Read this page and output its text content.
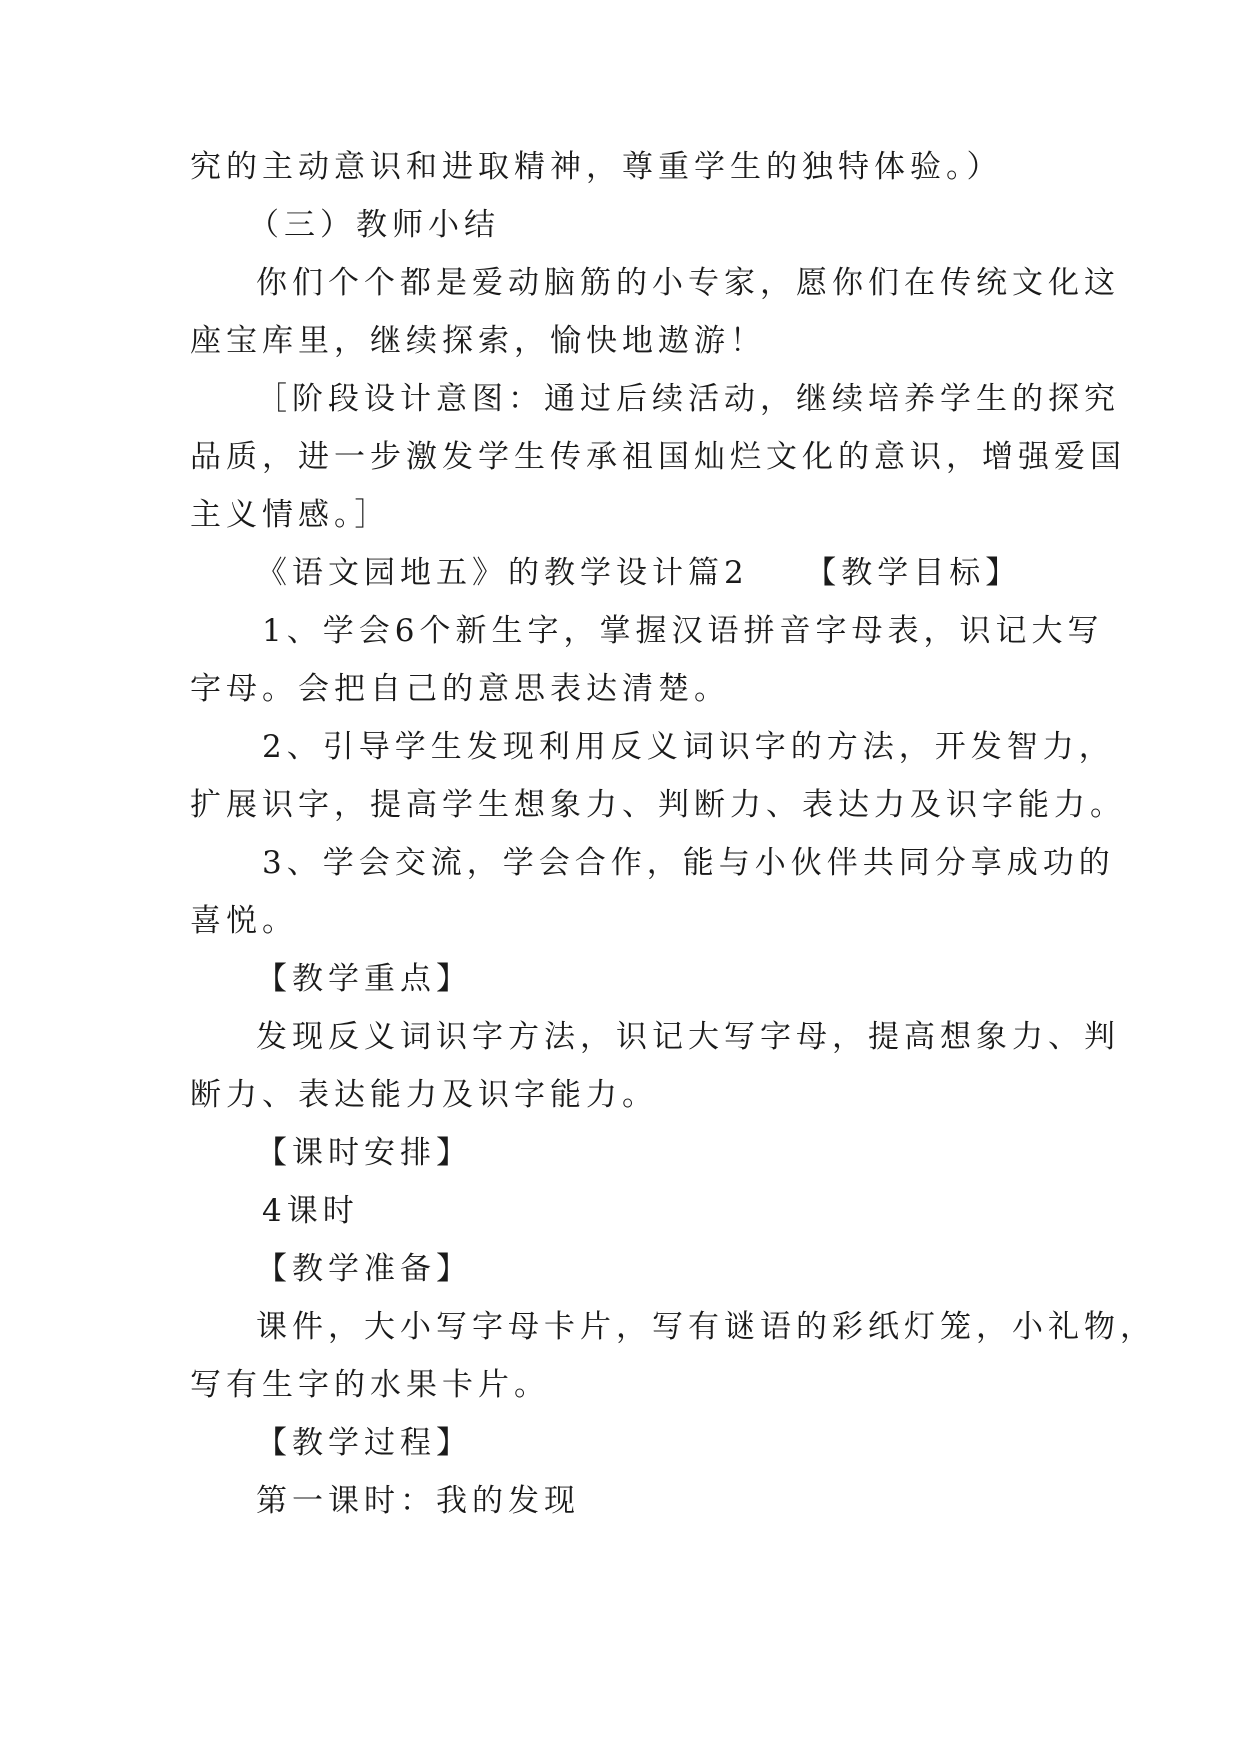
究的主动意识和进取精神，尊重学生的独特体验。）
（三）教师小结
你们个个都是爱动脑筋的小专家，愿你们在传统文化这
座宝库里，继续探索，愉快地遨游！
［阶段设计意图：通过后续活动，继续培养学生的探究
品质，进一步激发学生传承祖国灿烂文化的意识，增强爱国
主义情感。］
《语文园地五》的教学设计篇2　　【教学目标】
1、学会6个新生字，掌握汉语拼音字母表，识记大写
字母。会把自己的意思表达清楚。
2、引导学生发现利用反义词识字的方法，开发智力，
扩展识字，提高学生想象力、判断力、表达力及识字能力。
3、学会交流，学会合作，能与小伙伴共同分享成功的
喜悦。
【教学重点】
发现反义词识字方法，识记大写字母，提高想象力、判
断力、表达能力及识字能力。
【课时安排】
4课时
【教学准备】
课件，大小写字母卡片，写有谜语的彩纸灯笼，小礼物，
写有生字的水果卡片。
【教学过程】
第一课时：我的发现
